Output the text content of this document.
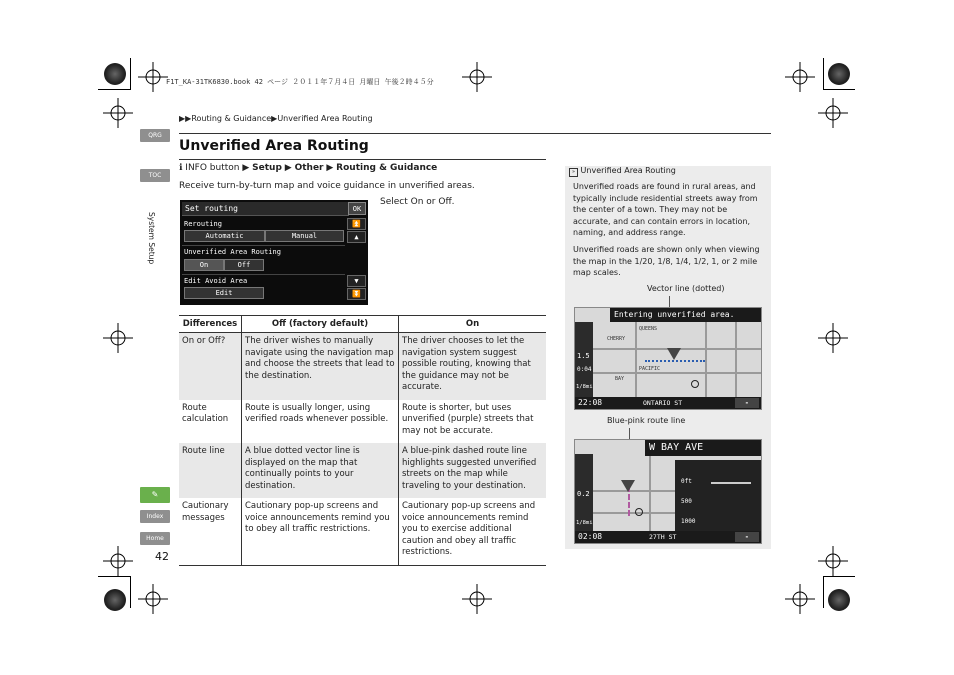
F1T_KA-31TK6830.book 42 ページ ２０１１年７月４日 月曜日 午後２時４５分
▶▶Routing & Guidance▶Unverified Area Routing
Unverified Area Routing
ℹ INFO button ▶ Setup ▶ Other ▶ Routing & Guidance
Receive turn-by-turn map and voice guidance in unverified areas.
Set routing	OK
Rerouting
Automatic	Manual
Unverified Area Routing
On	Off
Edit Avoid Area
Edit
⏫
▲
▼
⏬
Select On or Off.
Differences	Off (factory default)	On
On or Off?	The driver wishes to manually navigate using the navigation map and choose the streets that lead to the destination.	The driver chooses to let the navigation system suggest possible routing, knowing that the guidance may not be accurate.
Route calculation	Route is usually longer, using verified roads whenever possible.	Route is shorter, but uses unverified (purple) streets that may not be accurate.
Route line	A blue dotted vector line is displayed on the map that continually points to your destination.	A blue-pink dashed route line highlights suggested unverified streets on the map while traveling to your destination.
Cautionary messages	Cautionary pop-up screens and voice announcements remind you to obey all traffic restrictions.	Cautionary pop-up screens and voice announcements remind you to exercise additional caution and obey all traffic restrictions.
QRG
TOC
System Setup
✎
Index
Home
42
» Unverified Area Routing
Unverified roads are found in rural areas, and typically include residential streets away from the center of a town. They may not be accurate, and can contain errors in location, naming, and address range.
Unverified roads are shown only when viewing the map in the 1/20, 1/8, 1/4, 1/2, 1, or 2 mile map scales.
Vector line (dotted)
Entering unverified area.
1.5
0:04
1/8mi
QUEENS
CHERRY
PACIFIC
BAY
22:08	ONTARIO ST	≡
Blue-pink route line
W BAY AVE
0.2
1/8mi
0ft
500
1000
02:08	27TH ST	≡
